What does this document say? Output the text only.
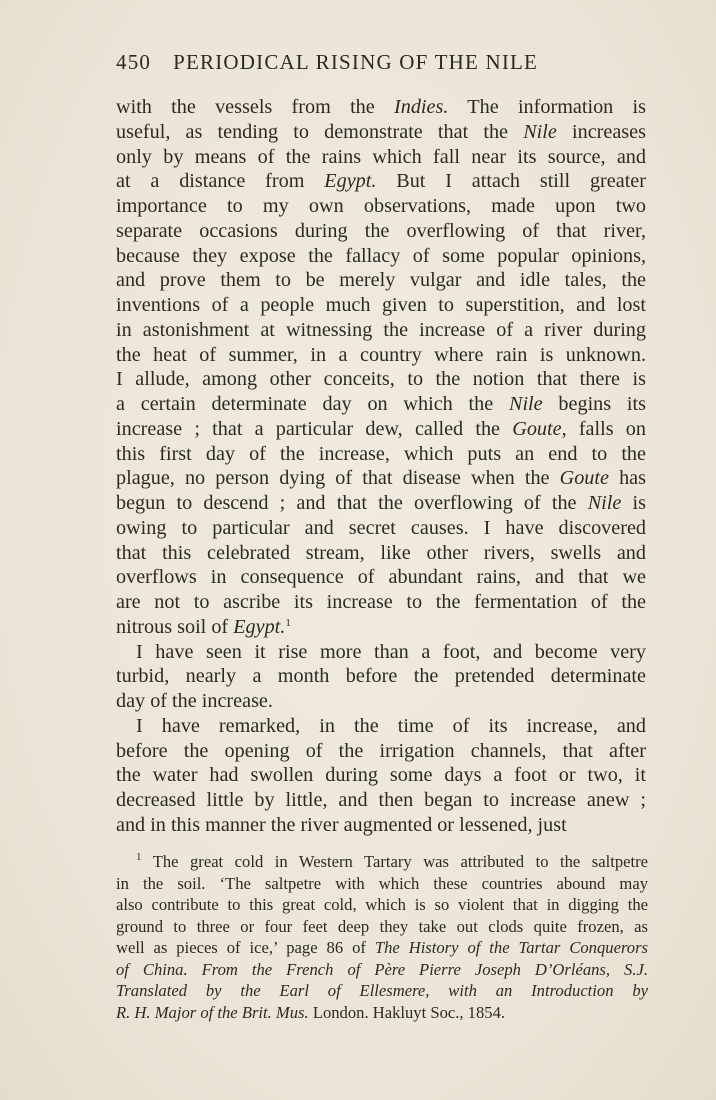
450 PERIODICAL RISING OF THE NILE

with the vessels from the Indies. The information is
useful, as tending to demonstrate that the Nile increases
only by means of the rains which fall near its source, and
at a distance from Egypt. But I attach still greater
importance to my own observations, made upon two
separate occasions during the overflowing of that river,
because they expose the fallacy of some popular opinions,
and prove them to be merely vulgar and idle tales, the
inventions of a people much given to superstition, and lost
in astonishment at witnessing the increase of a river during
the heat of summer, in a country where rain is unknown.
I allude, among other conceits, to the notion that there is
a certain determinate day on which the Nile begins its
increase ; that a particular dew, called the Goute, falls on
this first day of the increase, which puts an end to the
plague, no person dying of that disease when the Goute has
begun to descend ; and that the overflowing of the Nile is
owing to particular and secret causes. I have discovered
that this celebrated stream, like other rivers, swells and
overflows in consequence of abundant rains, and that we
are not to ascribe its increase to the fermentation of the
nitrous soil of Egypt.$^1$

I have seen it rise more than a foot, and become very
turbid, nearly a month before the pretended determinate
day of the increase.

I have remarked, in the time of its increase, and
before the opening of the irrigation channels, that after
the water had swollen during some days a foot or two, it
decreased little by little, and then began to increase anew ;
and in this manner the river augmented or lessened, just

$^1$ The great cold in Western Tartary was attributed to the saltpetre
in the soil. ‘The saltpetre with which these countries abound may
also contribute to this great cold, which is so violent that in digging the
ground to three or four feet deep they take out clods quite frozen, as
well as pieces of ice,’ page 86 of The History of the Tartar Conquerors
of China. From the French of Père Pierre Joseph D’Orléans, S.J.
Translated by the Earl of Ellesmere, with an Introduction by
R. H. Major of the Brit. Mus. London. Hakluyt Soc., 1854.
